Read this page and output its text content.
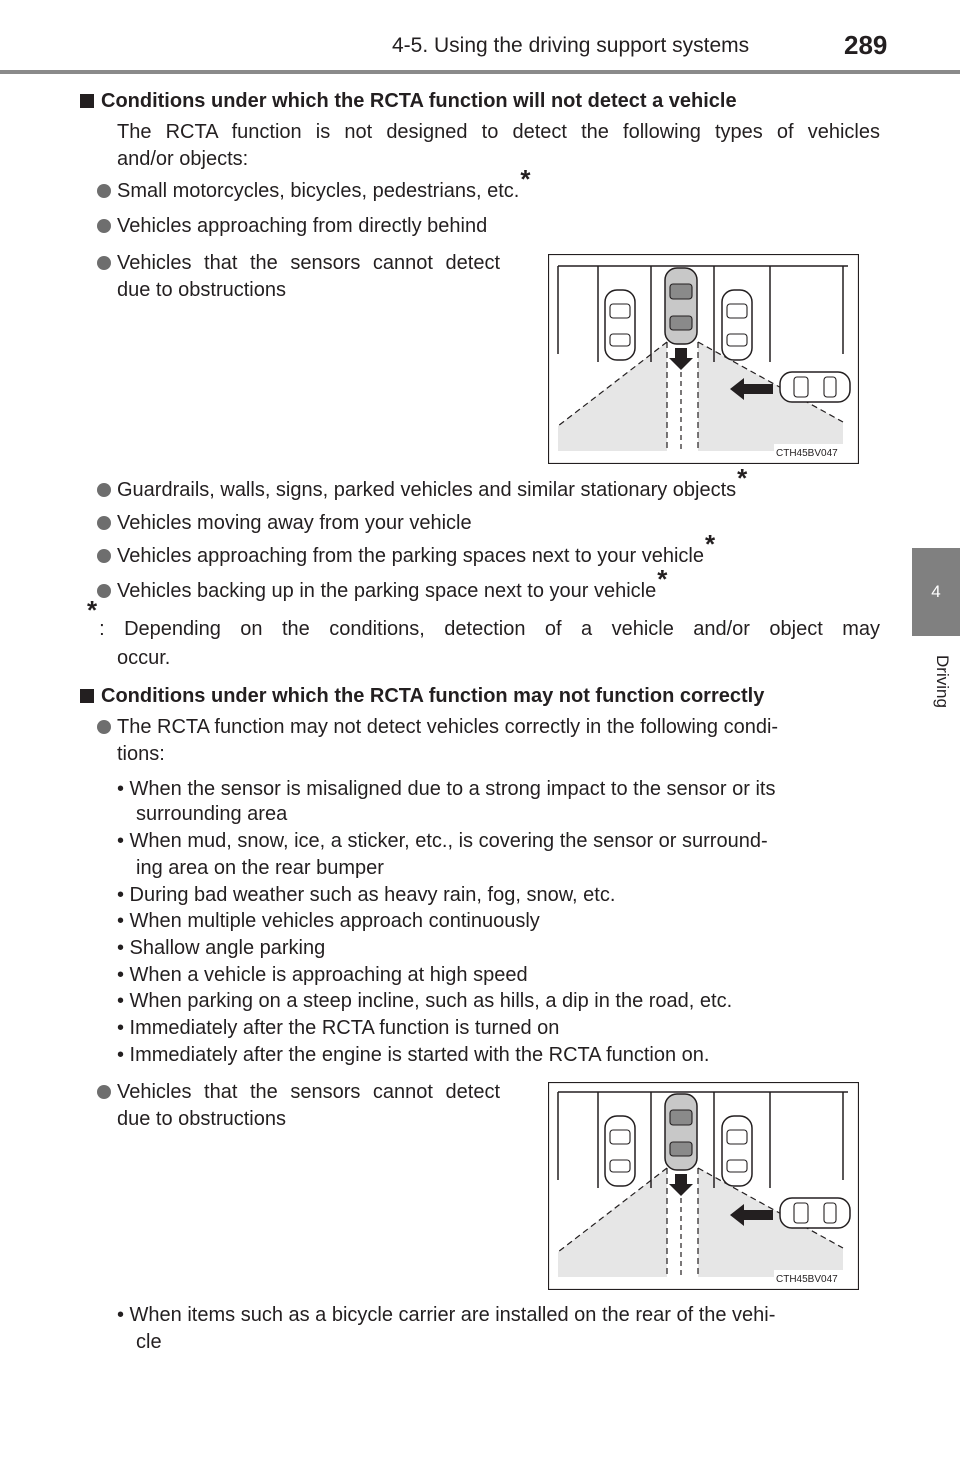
4-5. Using the driving support systems	289
4
Driving
Conditions under which the RCTA function will not detect a vehicle
The RCTA function is not designed to detect the following types of vehicles
and/or objects:
Small motorcycles, bicycles, pedestrians, etc.*
Vehicles approaching from directly behind
Vehicles that the sensors cannot detect
due to obstructions
CTH45BV047
Guardrails, walls, signs, parked vehicles and similar stationary objects*
Vehicles moving away from your vehicle
Vehicles approaching from the parking spaces next to your vehicle*
Vehicles backing up in the parking space next to your vehicle*
*
: Depending on the conditions, detection of a vehicle and/or object may
occur.
Conditions under which the RCTA function may not function correctly
The RCTA function may not detect vehicles correctly in the following condi-
tions:
• When the sensor is misaligned due to a strong impact to the sensor or its
surrounding area
• When mud, snow, ice, a sticker, etc., is covering the sensor or surround-
ing area on the rear bumper
• During bad weather such as heavy rain, fog, snow, etc.
• When multiple vehicles approach continuously
• Shallow angle parking
• When a vehicle is approaching at high speed
• When parking on a steep incline, such as hills, a dip in the road, etc.
• Immediately after the RCTA function is turned on
• Immediately after the engine is started with the RCTA function on.
Vehicles that the sensors cannot detect
due to obstructions
CTH45BV047
• When items such as a bicycle carrier are installed on the rear of the vehi-
cle
